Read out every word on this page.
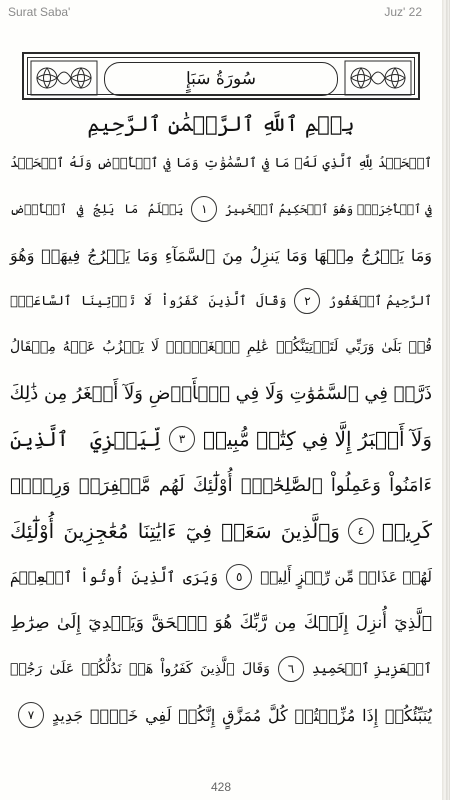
Surat Saba'	Juz' 22
سُورَةُ سَبَإٍ
بِسۡمِ ٱللَّهِ ٱلرَّحۡمَٰنِ ٱلرَّحِيمِ
ٱلۡحَمۡدُ لِلَّهِ ٱلَّذِي لَهُۥ مَا فِي ٱلسَّمَٰوَٰتِ وَمَا فِي ٱلۡأَرۡضِ وَلَهُ ٱلۡحَمۡدُ
فِي ٱلۡأٓخِرَةِۚ وَهُوَ ٱلۡحَكِيمُ ٱلۡخَبِيرُ
١
يَعۡلَمُ مَا يَلِجُ فِي ٱلۡأَرۡضِ
وَمَا يَخۡرُجُ مِنۡهَا وَمَا يَنزِلُ مِنَ ٱلسَّمَآءِ وَمَا يَعۡرُجُ فِيهَاۚ وَهُوَ
ٱلرَّحِيمُ ٱلۡغَفُورُ
٢
وَقَالَ ٱلَّذِينَ كَفَرُواْ لَا تَأۡتِينَا ٱلسَّاعَةُۖ
قُلۡ بَلَىٰ وَرَبِّي لَتَأۡتِيَنَّكُمۡ عَٰلِمِ ٱلۡغَيۡبِۖ لَا يَعۡزُبُ عَنۡهُ مِثۡقَالُ
ذَرَّةٖ فِي ٱلسَّمَٰوَٰتِ وَلَا فِي ٱلۡأَرۡضِ وَلَآ أَصۡغَرُ مِن ذَٰلِكَ
وَلَآ أَكۡبَرُ إِلَّا فِي كِتَٰبٖ مُّبِينٖ
٣
لِّيَجۡزِيَ ٱلَّذِينَ
ءَامَنُواْ وَعَمِلُواْ ٱلصَّٰلِحَٰتِۚ أُوْلَٰٓئِكَ لَهُم مَّغۡفِرَةٞ وَرِزۡقٞ
كَرِيمٞ
٤
وَٱلَّذِينَ سَعَوۡ فِيٓ ءَايَٰتِنَا مُعَٰجِزِينَ أُوْلَٰٓئِكَ
لَهُمۡ عَذَابٞ مِّن رِّجۡزٍ أَلِيمٞ
٥
وَيَرَى ٱلَّذِينَ أُوتُواْ ٱلۡعِلۡمَ
ٱلَّذِيٓ أُنزِلَ إِلَيۡكَ مِن رَّبِّكَ هُوَ ٱلۡحَقَّ وَيَهۡدِيٓ إِلَىٰ صِرَٰطِ
ٱلۡعَزِيزِ ٱلۡحَمِيدِ
٦
وَقَالَ ٱلَّذِينَ كَفَرُواْ هَلۡ نَدُلُّكُمۡ عَلَىٰ رَجُلٖ
يُنَبِّئُكُمۡ إِذَا مُزِّقۡتُمۡ كُلَّ مُمَزَّقٍ إِنَّكُمۡ لَفِي خَلۡقٖ جَدِيدٍ
٧
428
